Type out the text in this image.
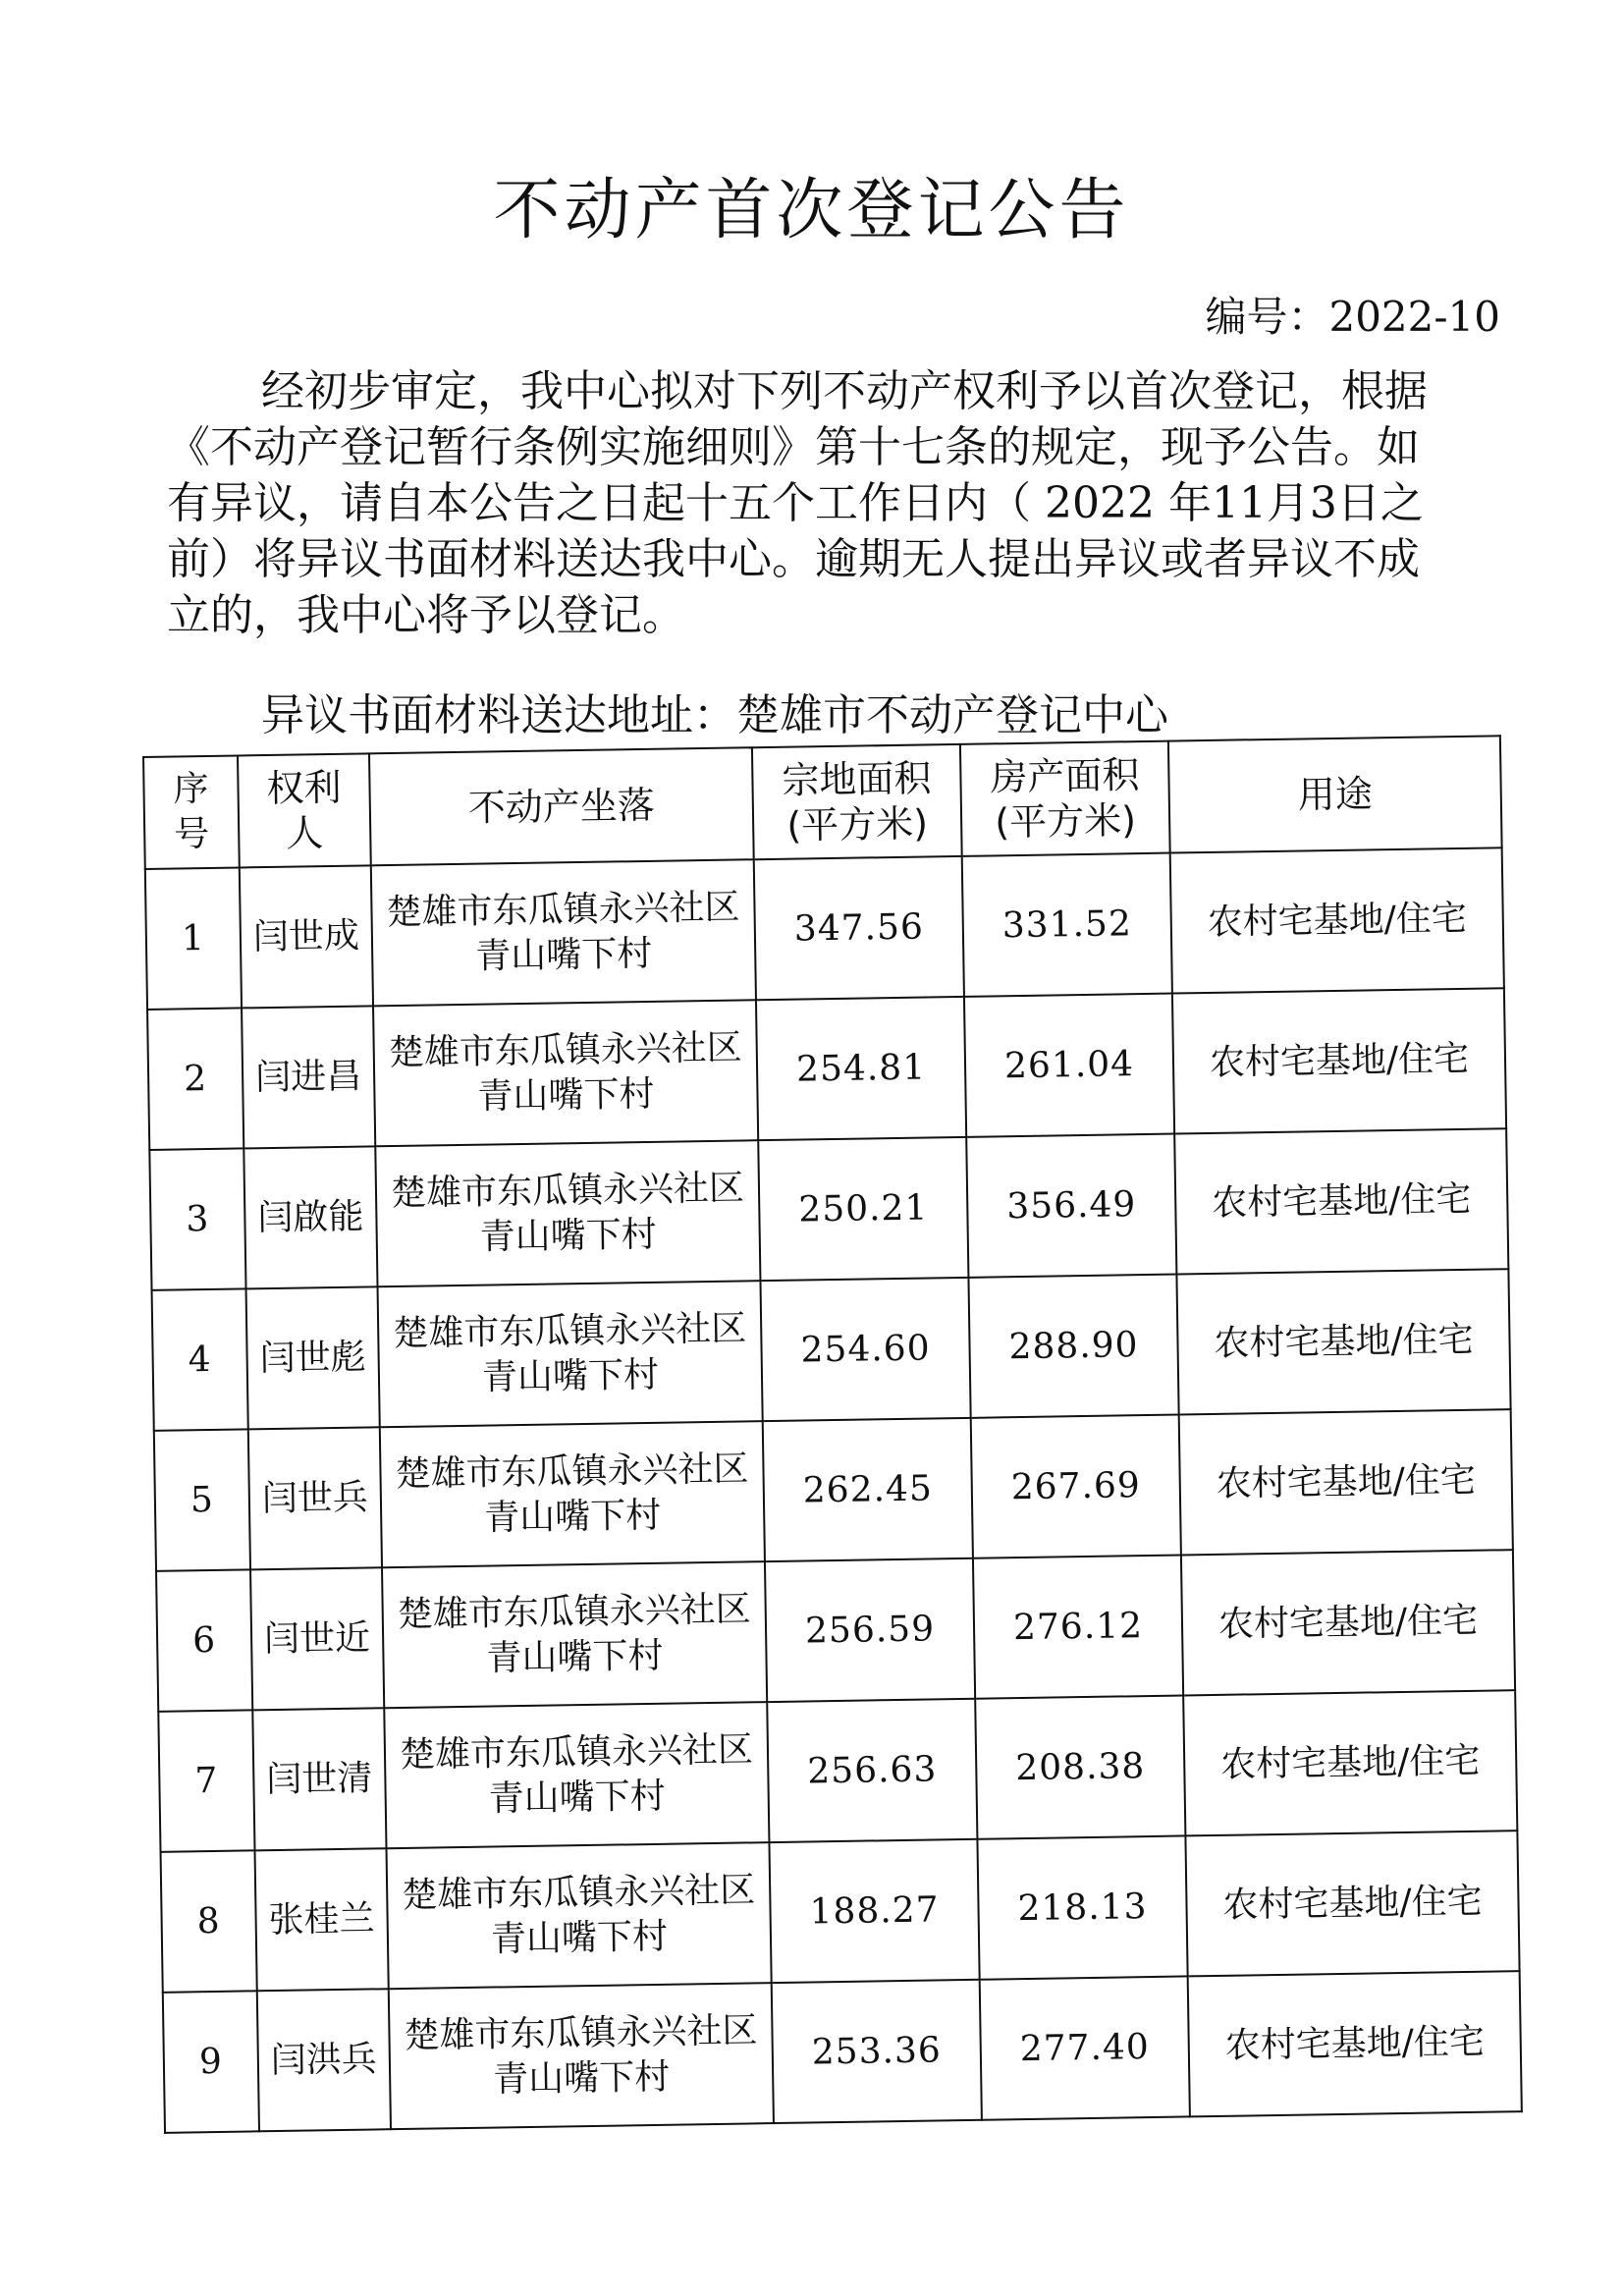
不动产首次登记公告
编号：2022-10

经初步审定，我中心拟对下列不动产权利予以首次登记，根据《不动产登记暂行条例实施细则》第十七条的规定，现予公告。如有异议，请自本公告之日起十五个工作日内（ 2022 年11月3日之前）将异议书面材料送达我中心。逾期无人提出异议或者异议不成立的，我中心将予以登记。

异议书面材料送达地址：楚雄市不动产登记中心

序号	权利人	不动产坐落	宗地面积(平方米)	房产面积(平方米)	用途
1	闫世成	楚雄市东瓜镇永兴社区青山嘴下村	347.56	331.52	农村宅基地/住宅
2	闫进昌	楚雄市东瓜镇永兴社区青山嘴下村	254.81	261.04	农村宅基地/住宅
3	闫啟能	楚雄市东瓜镇永兴社区青山嘴下村	250.21	356.49	农村宅基地/住宅
4	闫世彪	楚雄市东瓜镇永兴社区青山嘴下村	254.60	288.90	农村宅基地/住宅
5	闫世兵	楚雄市东瓜镇永兴社区青山嘴下村	262.45	267.69	农村宅基地/住宅
6	闫世近	楚雄市东瓜镇永兴社区青山嘴下村	256.59	276.12	农村宅基地/住宅
7	闫世清	楚雄市东瓜镇永兴社区青山嘴下村	256.63	208.38	农村宅基地/住宅
8	张桂兰	楚雄市东瓜镇永兴社区青山嘴下村	188.27	218.13	农村宅基地/住宅
9	闫洪兵	楚雄市东瓜镇永兴社区青山嘴下村	253.36	277.40	农村宅基地/住宅
